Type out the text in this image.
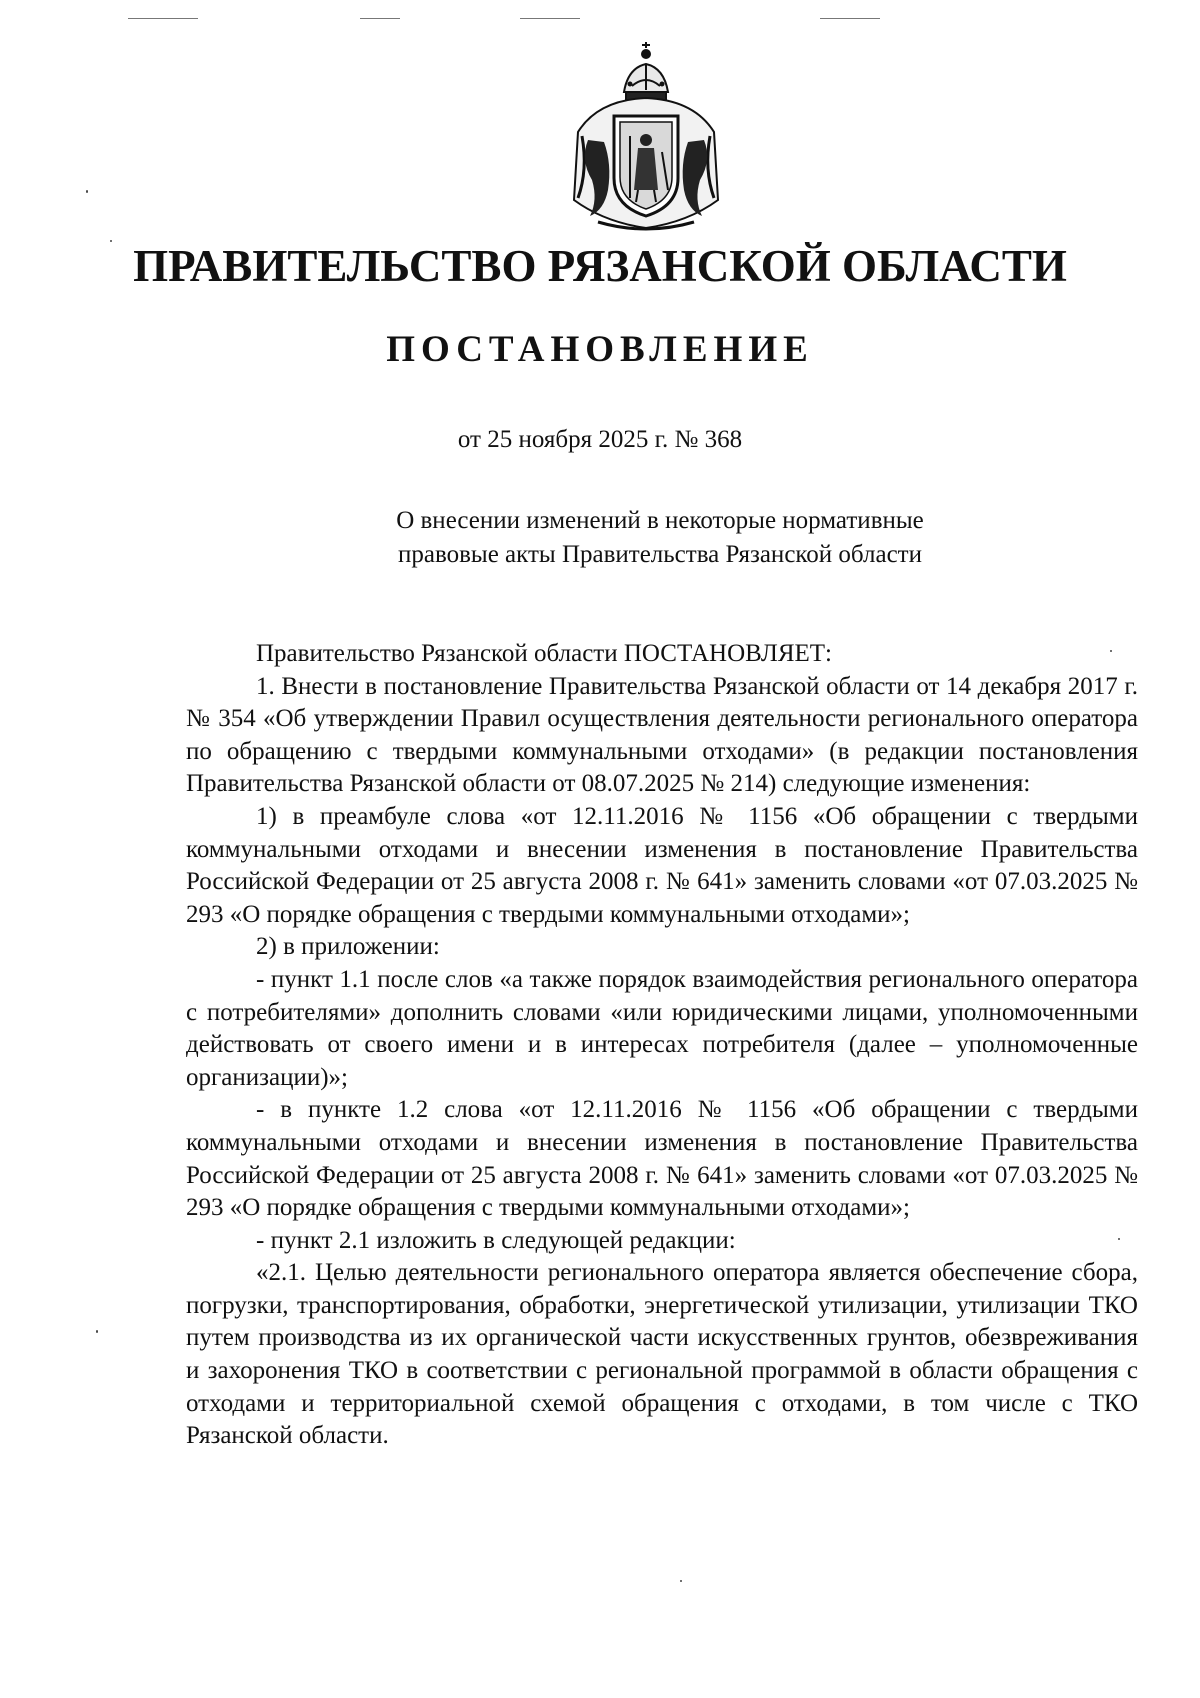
ПРАВИТЕЛЬСТВО РЯЗАНСКОЙ ОБЛАСТИ
ПОСТАНОВЛЕНИЕ
от 25 ноября 2025 г. № 368
О внесении изменений в некоторые нормативные
правовые акты Правительства Рязанской области

Правительство Рязанской области ПОСТАНОВЛЯЕТ:

1. Внести в постановление Правительства Рязанской области от 14 декабря 2017 г. № 354 «Об утверждении Правил осуществления деятельности регионального оператора по обращению с твердыми коммунальными отходами» (в редакции постановления Правительства Рязанской области от 08.07.2025 № 214) следующие изменения:

1) в преамбуле слова «от 12.11.2016 № 1156 «Об обращении с твердыми коммунальными отходами и внесении изменения в постановление Правительства Российской Федерации от 25 августа 2008 г. № 641» заменить словами «от 07.03.2025 № 293 «О порядке обращения с твердыми коммунальными отходами»;

2) в приложении:

- пункт 1.1 после слов «а также порядок взаимодействия регионального оператора с потребителями» дополнить словами «или юридическими лицами, уполномоченными действовать от своего имени и в интересах потребителя (далее – уполномоченные организации)»;

- в пункте 1.2 слова «от 12.11.2016 № 1156 «Об обращении с твердыми коммунальными отходами и внесении изменения в постановление Правительства Российской Федерации от 25 августа 2008 г. № 641» заменить словами «от 07.03.2025 № 293 «О порядке обращения с твердыми коммунальными отходами»;

- пункт 2.1 изложить в следующей редакции:

«2.1. Целью деятельности регионального оператора является обеспечение сбора, погрузки, транспортирования, обработки, энергетической утилизации, утилизации ТКО путем производства из их органической части искусственных грунтов, обезвреживания и захоронения ТКО в соответствии с региональной программой в области обращения с отходами и территориальной схемой обращения с отходами, в том числе с ТКО Рязанской области.
